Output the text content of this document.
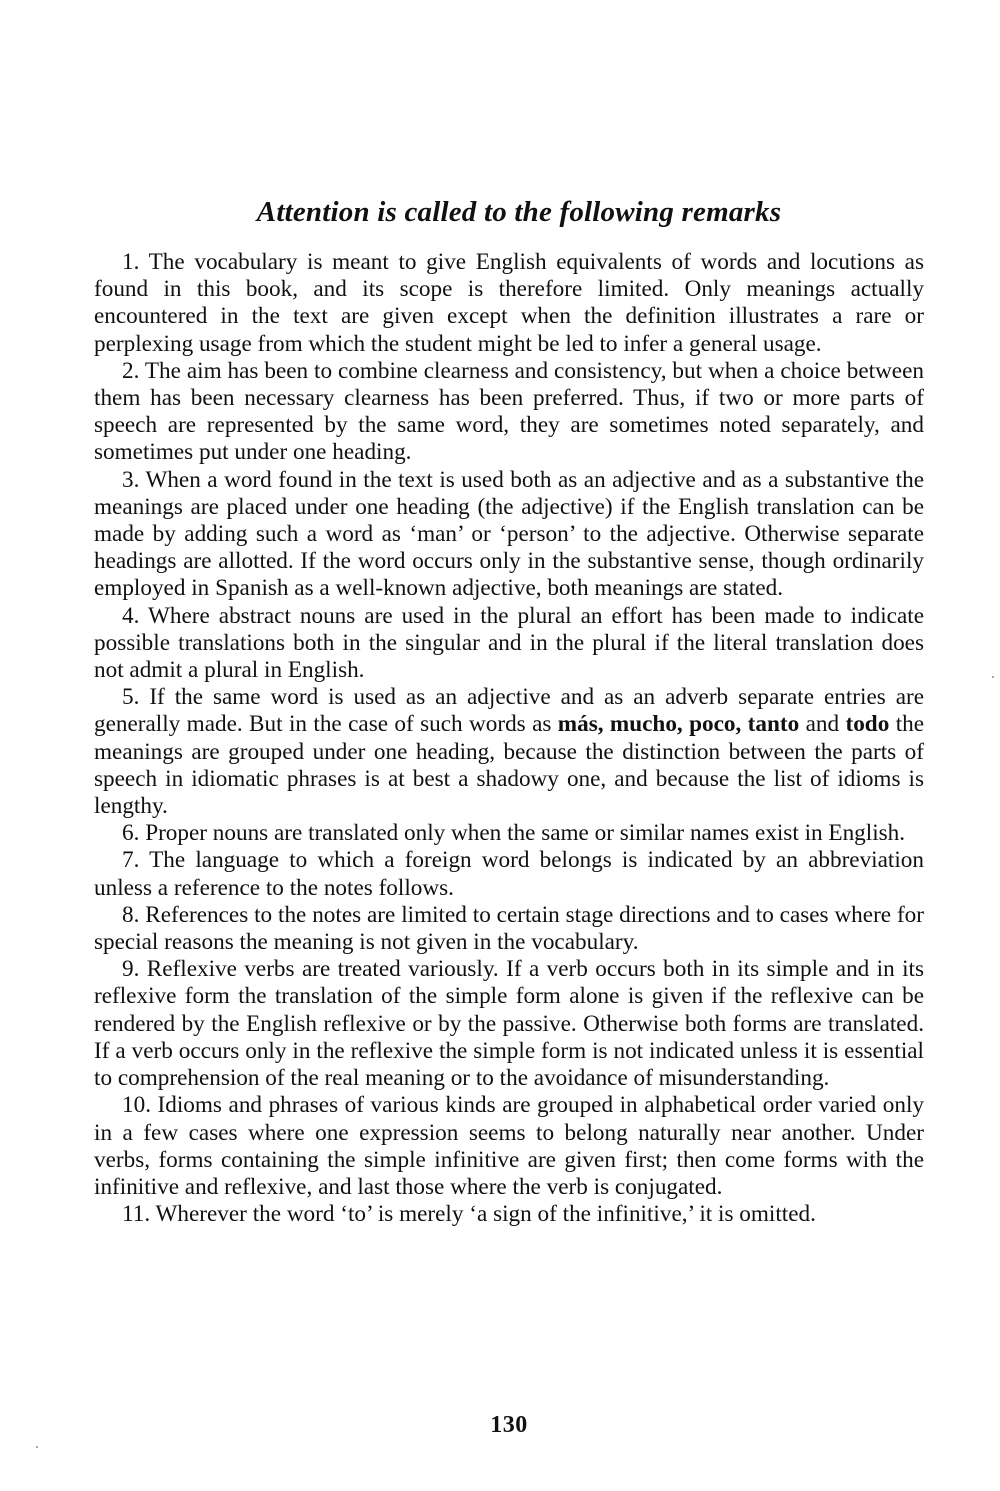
Attention is called to the following remarks

1. The vocabulary is meant to give English equivalents of words and locutions as found in this book, and its scope is therefore limited. Only meanings actually encountered in the text are given except when the definition illustrates a rare or perplexing usage from which the student might be led to infer a general usage.

2. The aim has been to combine clearness and consistency, but when a choice between them has been necessary clearness has been preferred. Thus, if two or more parts of speech are represented by the same word, they are sometimes noted separately, and sometimes put under one heading.

3. When a word found in the text is used both as an adjective and as a substantive the meanings are placed under one heading (the adjective) if the English translation can be made by adding such a word as ‘man’ or ‘person’ to the adjective. Otherwise separate headings are allotted. If the word occurs only in the substantive sense, though ordinarily employed in Spanish as a well-known adjective, both meanings are stated.

4. Where abstract nouns are used in the plural an effort has been made to indicate possible translations both in the singular and in the plural if the literal translation does not admit a plural in English.

5. If the same word is used as an adjective and as an adverb separate entries are generally made. But in the case of such words as más, mucho, poco, tanto and todo the meanings are grouped under one heading, because the distinction between the parts of speech in idiomatic phrases is at best a shadowy one, and because the list of idioms is lengthy.

6. Proper nouns are translated only when the same or similar names exist in English.

7. The language to which a foreign word belongs is indicated by an abbreviation unless a reference to the notes follows.

8. References to the notes are limited to certain stage directions and to cases where for special reasons the meaning is not given in the vocabulary.

9. Reflexive verbs are treated variously. If a verb occurs both in its simple and in its reflexive form the translation of the simple form alone is given if the reflexive can be rendered by the English reflexive or by the passive. Otherwise both forms are translated. If a verb occurs only in the reflexive the simple form is not indicated unless it is essential to comprehension of the real meaning or to the avoidance of misunderstanding.

10. Idioms and phrases of various kinds are grouped in alphabetical order varied only in a few cases where one expression seems to belong naturally near another. Under verbs, forms containing the simple infinitive are given first; then come forms with the infinitive and reflexive, and last those where the verb is conjugated.

11. Wherever the word ‘to’ is merely ‘a sign of the infinitive,’ it is omitted.

130
